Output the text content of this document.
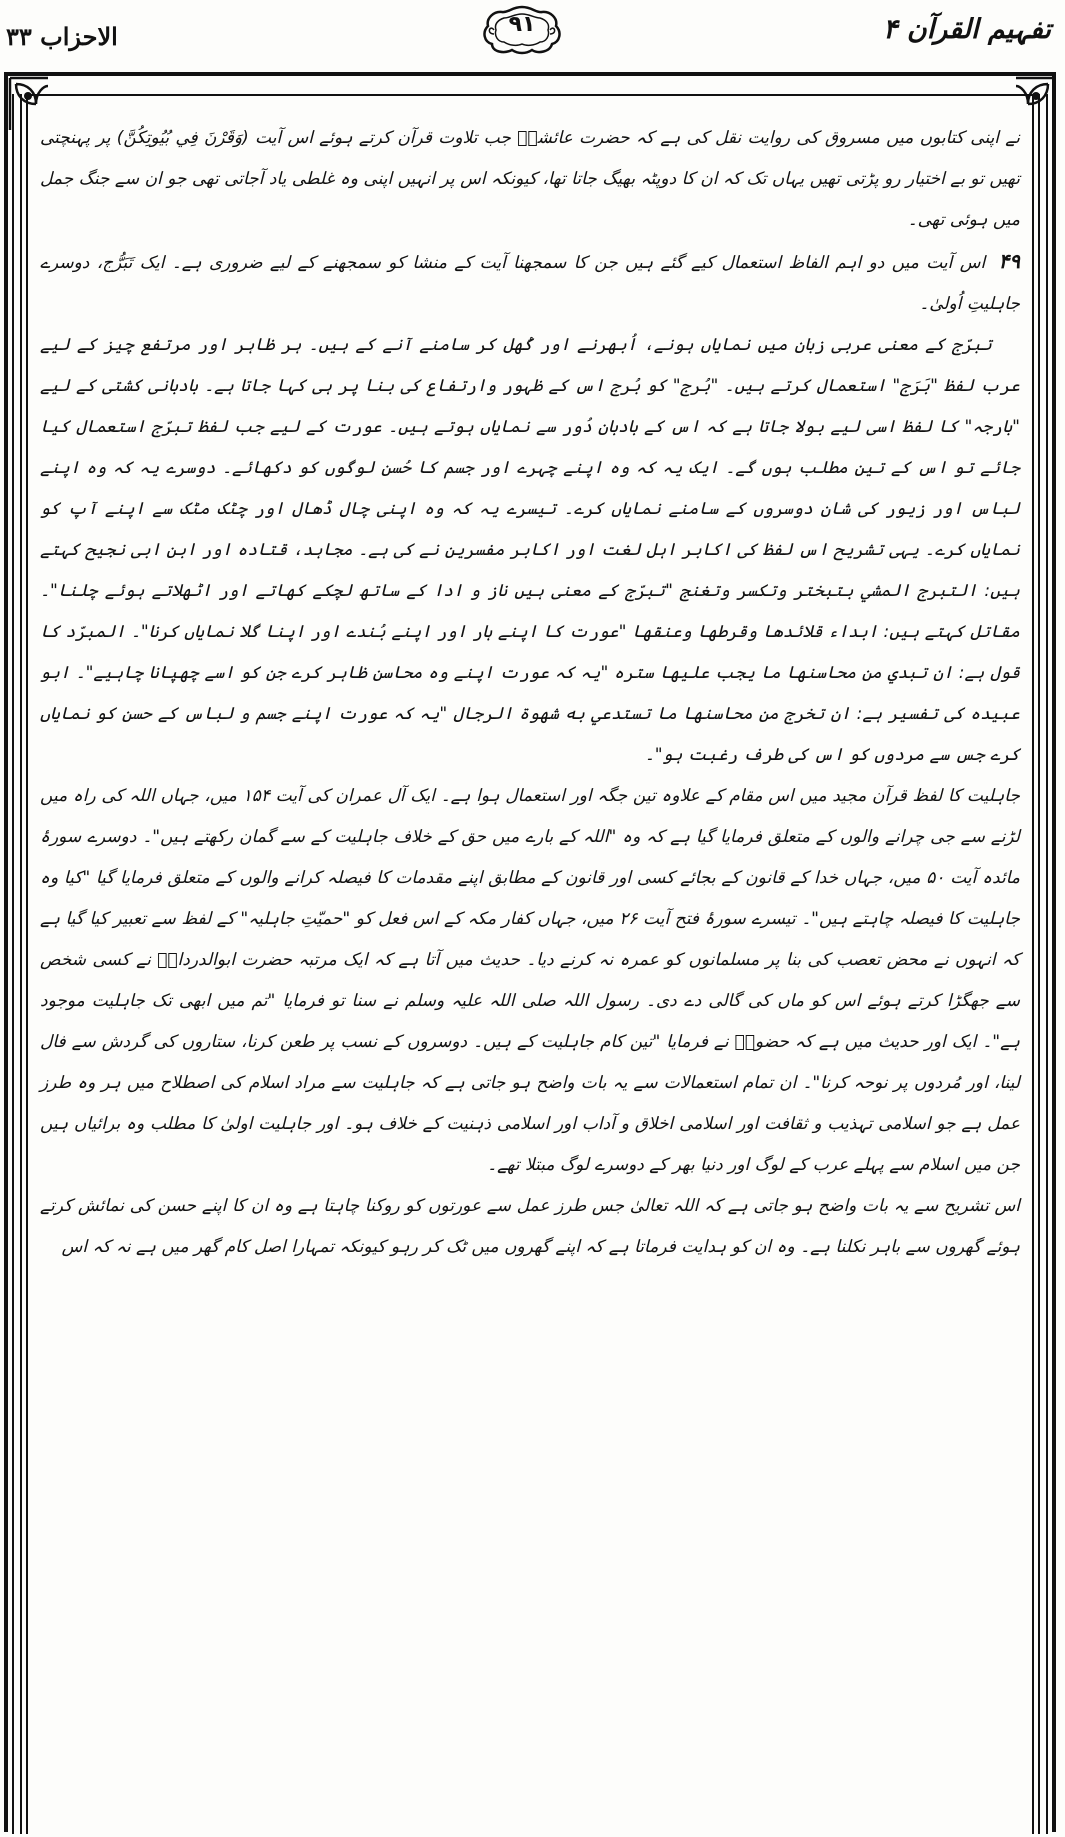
الاحزاب ۳۳	۹۱	تفہیم القرآن ۴

نے اپنی کتابوں میں مسروق کی روایت نقل کی ہے کہ حضرت عائشہؓ جب تلاوت قرآن کرتے ہوئے اس آیت (وَقَرْنَ فِي بُيُوتِكُنَّ) پر پہنچتی تھیں تو بے اختیار رو پڑتی تھیں یہاں تک کہ ان کا دوپٹہ بھیگ جاتا تھا، کیونکہ اس پر انہیں اپنی وہ غلطی یاد آجاتی تھی جو ان سے جنگ جمل میں ہوئی تھی۔

۴۹ اس آیت میں دو اہم الفاظ استعمال کیے گئے ہیں جن کا سمجھنا آیت کے منشا کو سمجھنے کے لیے ضروری ہے۔ ایک تَبَرُّج، دوسرے جاہلیتِ اُولیٰ۔

تبرّج کے معنی عربی زبان میں نمایاں ہونے، اُبھرنے اور کُھل کر سامنے آنے کے ہیں۔ ہر ظاہر اور مرتفع چیز کے لیے عرب لفظ "بَرَج" استعمال کرتے ہیں۔ "بُرج" کو بُرج اس کے ظہور وارتفاع کی بنا پر ہی کہا جاتا ہے۔ بادبانی کشتی کے لیے "بارجہ" کا لفظ اسی لیے بولا جاتا ہے کہ اس کے بادبان دُور سے نمایاں ہوتے ہیں۔ عورت کے لیے جب لفظ تبرّج استعمال کیا جائے تو اس کے تین مطلب ہوں گے۔ ایک یہ کہ وہ اپنے چہرے اور جسم کا حُسن لوگوں کو دکھائے۔ دوسرے یہ کہ وہ اپنے لباس اور زیور کی شان دوسروں کے سامنے نمایاں کرے۔ تیسرے یہ کہ وہ اپنی چال ڈھال اور چٹک مٹک سے اپنے آپ کو نمایاں کرے۔ یہی تشریح اس لفظ کی اکابر اہل لغت اور اکابر مفسرین نے کی ہے۔ مجاہد، قتادہ اور ابن ابی نجیح کہتے ہیں: التبرج المشي بتبختر وتكسر وتغنج "تبرّج کے معنی ہیں ناز و ادا کے ساتھ لچکے کھاتے اور اٹھلاتے ہوئے چلنا"۔ مقاتل کہتے ہیں: ابداء قلائدها وقرطها وعنقها "عورت کا اپنے ہار اور اپنے بُندے اور اپنا گلا نمایاں کرنا"۔ المبرّد کا قول ہے: ان تبدي من محاسنها ما يجب عليها ستره "یہ کہ عورت اپنے وہ محاسن ظاہر کرے جن کو اسے چھپانا چاہیے"۔ ابو عبیدہ کی تفسیر ہے: ان تخرج من محاسنها ما تستدعي به شهوة الرجال "یہ کہ عورت اپنے جسم و لباس کے حسن کو نمایاں کرے جس سے مردوں کو اس کی طرف رغبت ہو"۔

جاہلیت کا لفظ قرآن مجید میں اس مقام کے علاوہ تین جگہ اور استعمال ہوا ہے۔ ایک آل عمران کی آیت ۱۵۴ میں، جہاں اللہ کی راہ میں لڑنے سے جی چرانے والوں کے متعلق فرمایا گیا ہے کہ وہ "اللہ کے بارے میں حق کے خلاف جاہلیت کے سے گمان رکھتے ہیں"۔ دوسرے سورۂ مائدہ آیت ۵۰ میں، جہاں خدا کے قانون کے بجائے کسی اور قانون کے مطابق اپنے مقدمات کا فیصلہ کرانے والوں کے متعلق فرمایا گیا "کیا وہ جاہلیت کا فیصلہ چاہتے ہیں"۔ تیسرے سورۂ فتح آیت ۲۶ میں، جہاں کفار مکہ کے اس فعل کو "حمیّتِ جاہلیہ" کے لفظ سے تعبیر کیا گیا ہے کہ انہوں نے محض تعصب کی بنا پر مسلمانوں کو عمرہ نہ کرنے دیا۔ حدیث میں آتا ہے کہ ایک مرتبہ حضرت ابوالدرداءؓ نے کسی شخص سے جھگڑا کرتے ہوئے اس کو ماں کی گالی دے دی۔ رسول اللہ صلی اللہ علیہ وسلم نے سنا تو فرمایا "تم میں ابھی تک جاہلیت موجود ہے"۔ ایک اور حدیث میں ہے کہ حضورؐ نے فرمایا "تین کام جاہلیت کے ہیں۔ دوسروں کے نسب پر طعن کرنا، ستاروں کی گردش سے فال لینا، اور مُردوں پر نوحہ کرنا"۔ ان تمام استعمالات سے یہ بات واضح ہو جاتی ہے کہ جاہلیت سے مراد اسلام کی اصطلاح میں ہر وہ طرز عمل ہے جو اسلامی تہذیب و ثقافت اور اسلامی اخلاق و آداب اور اسلامی ذہنیت کے خلاف ہو۔ اور جاہلیت اولیٰ کا مطلب وہ برائیاں ہیں جن میں اسلام سے پہلے عرب کے لوگ اور دنیا بھر کے دوسرے لوگ مبتلا تھے۔

اس تشریح سے یہ بات واضح ہو جاتی ہے کہ اللہ تعالیٰ جس طرز عمل سے عورتوں کو روکنا چاہتا ہے وہ ان کا اپنے حسن کی نمائش کرتے ہوئے گھروں سے باہر نکلنا ہے۔ وہ ان کو ہدایت فرماتا ہے کہ اپنے گھروں میں ٹک کر رہو کیونکہ تمہارا اصل کام گھر میں ہے نہ کہ اس
